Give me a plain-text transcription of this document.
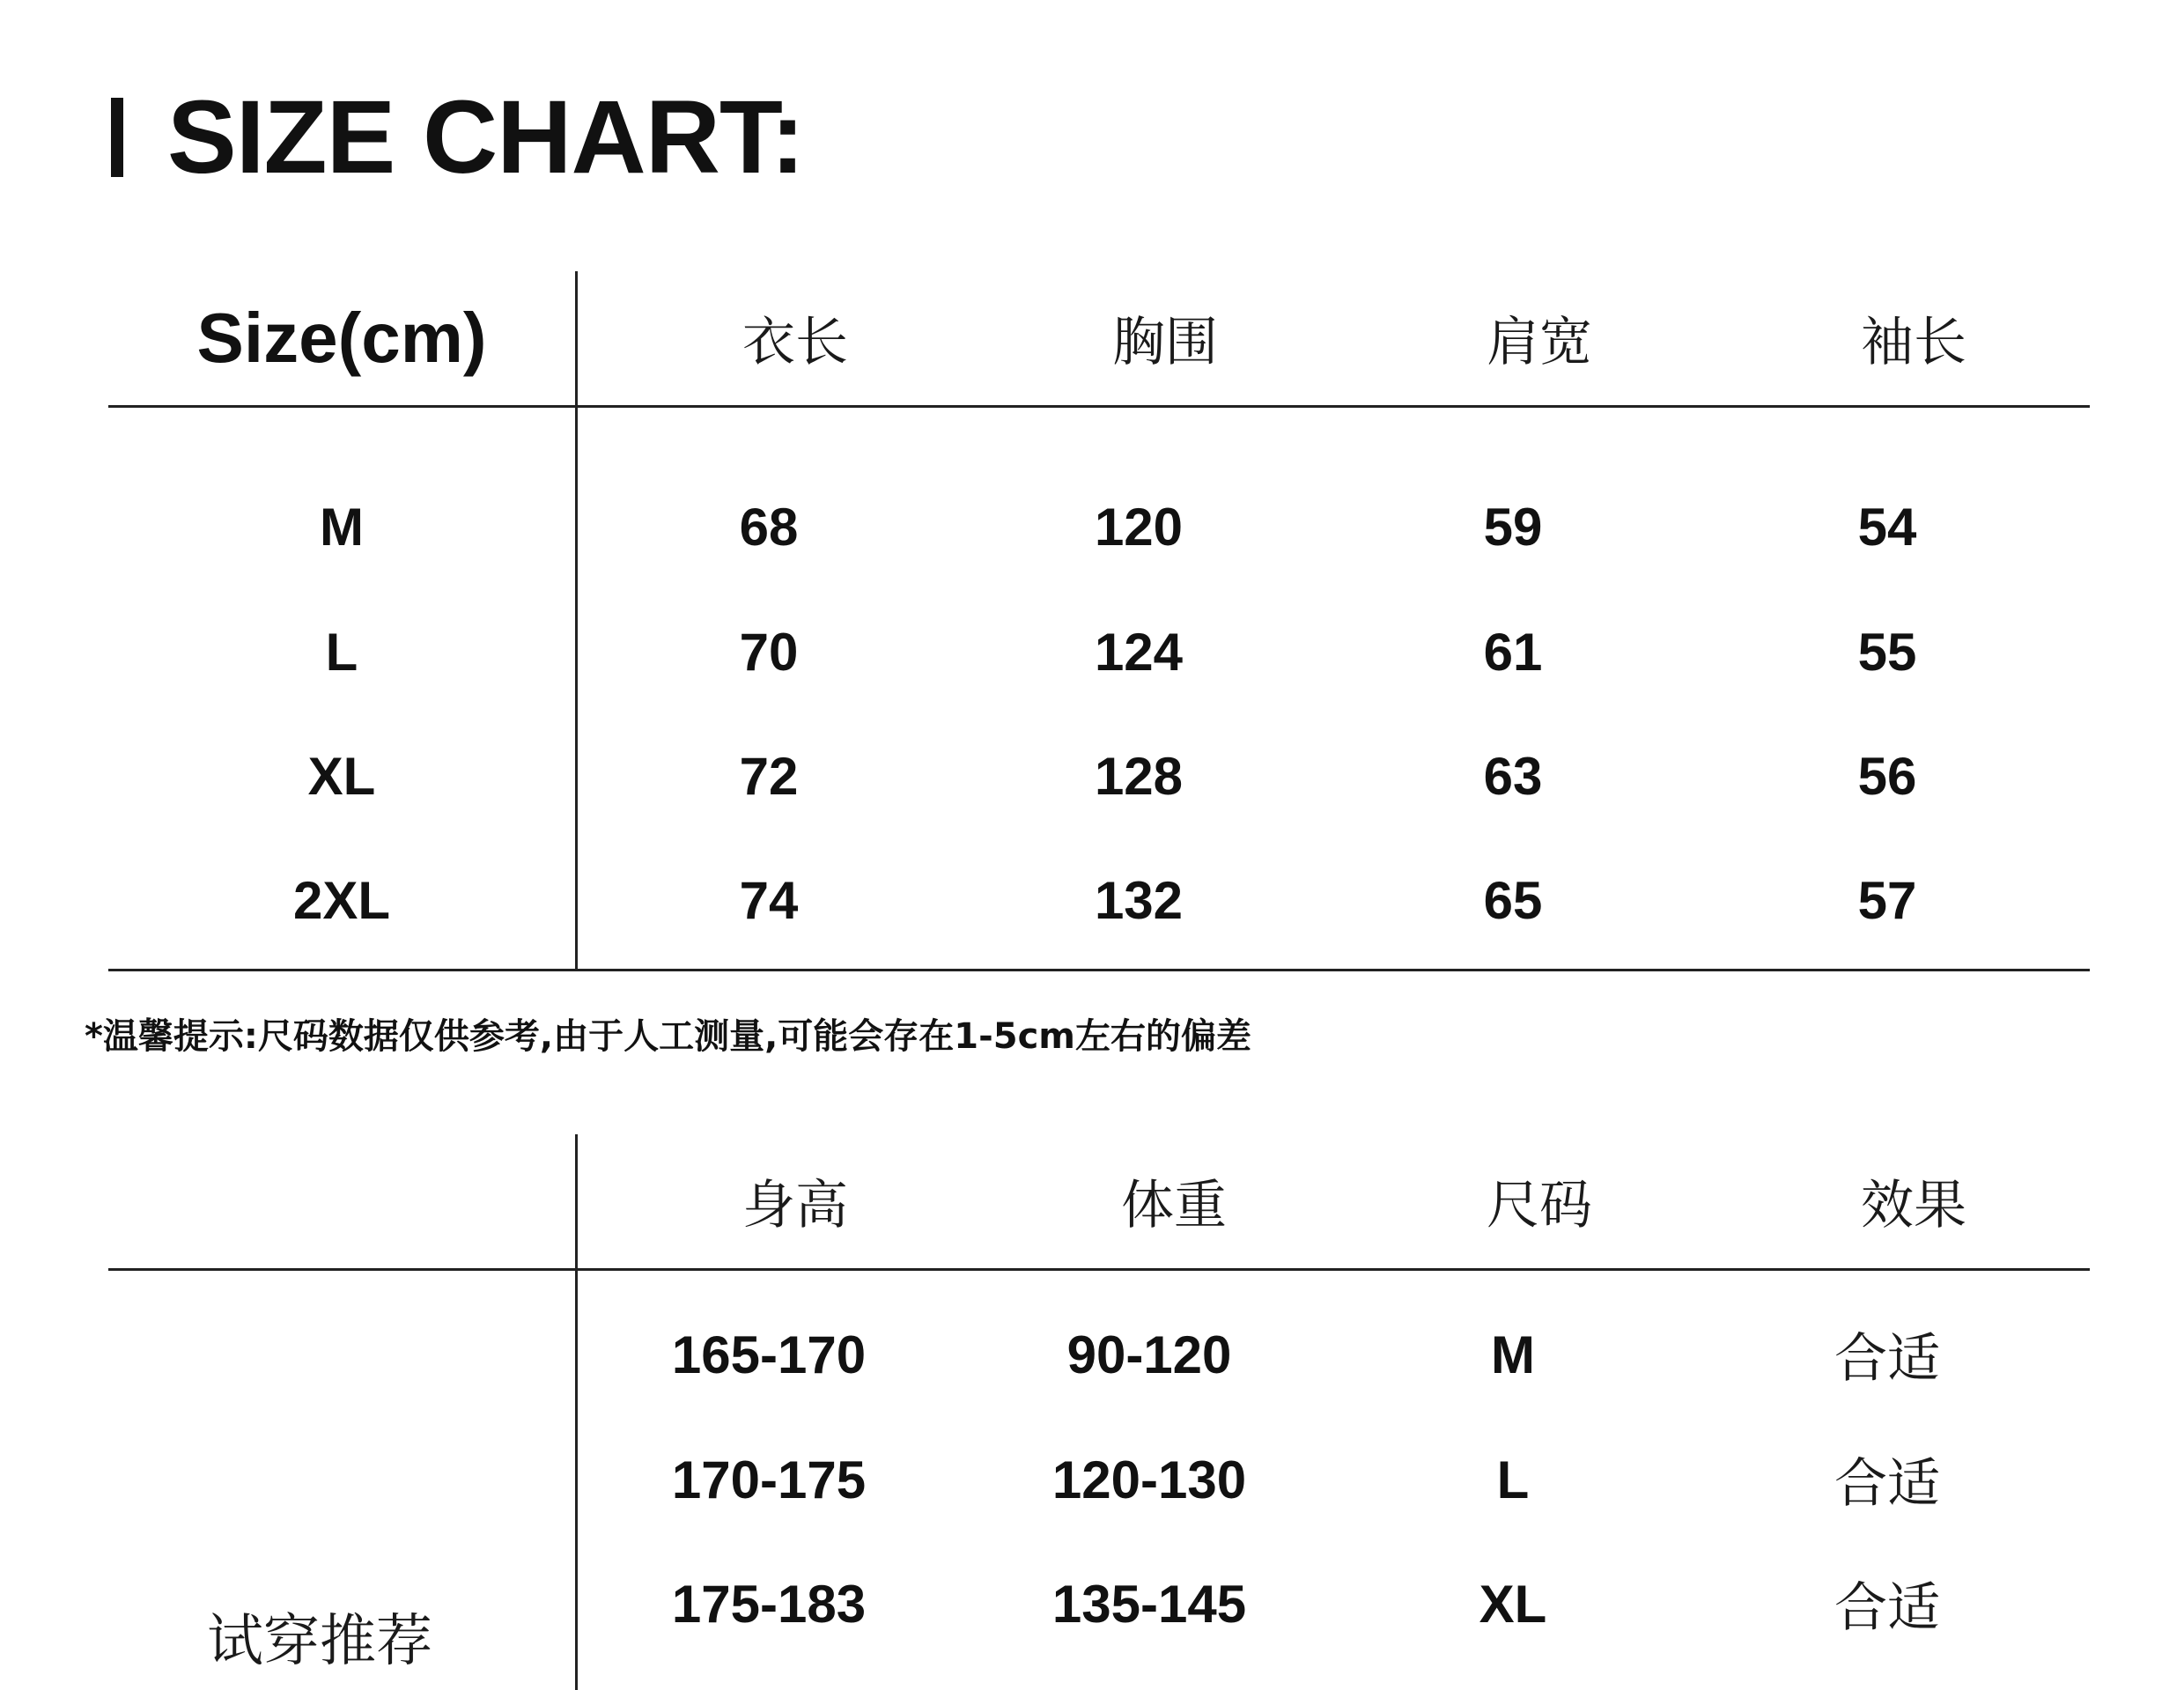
SIZE CHART:
Size(cm)	衣长	胸围	肩宽	袖长
M	68	120	59	54
L	70	124	61	55
XL	72	128	63	56
2XL	74	132	65	57
*温馨提示:尺码数据仅供参考,由于人工测量,可能会存在1-5cm左右的偏差
身高	体重	尺码	效果
试穿推荐
165-170	90-120	M	合适
170-175	120-130	L	合适
175-183	135-145	XL	合适
